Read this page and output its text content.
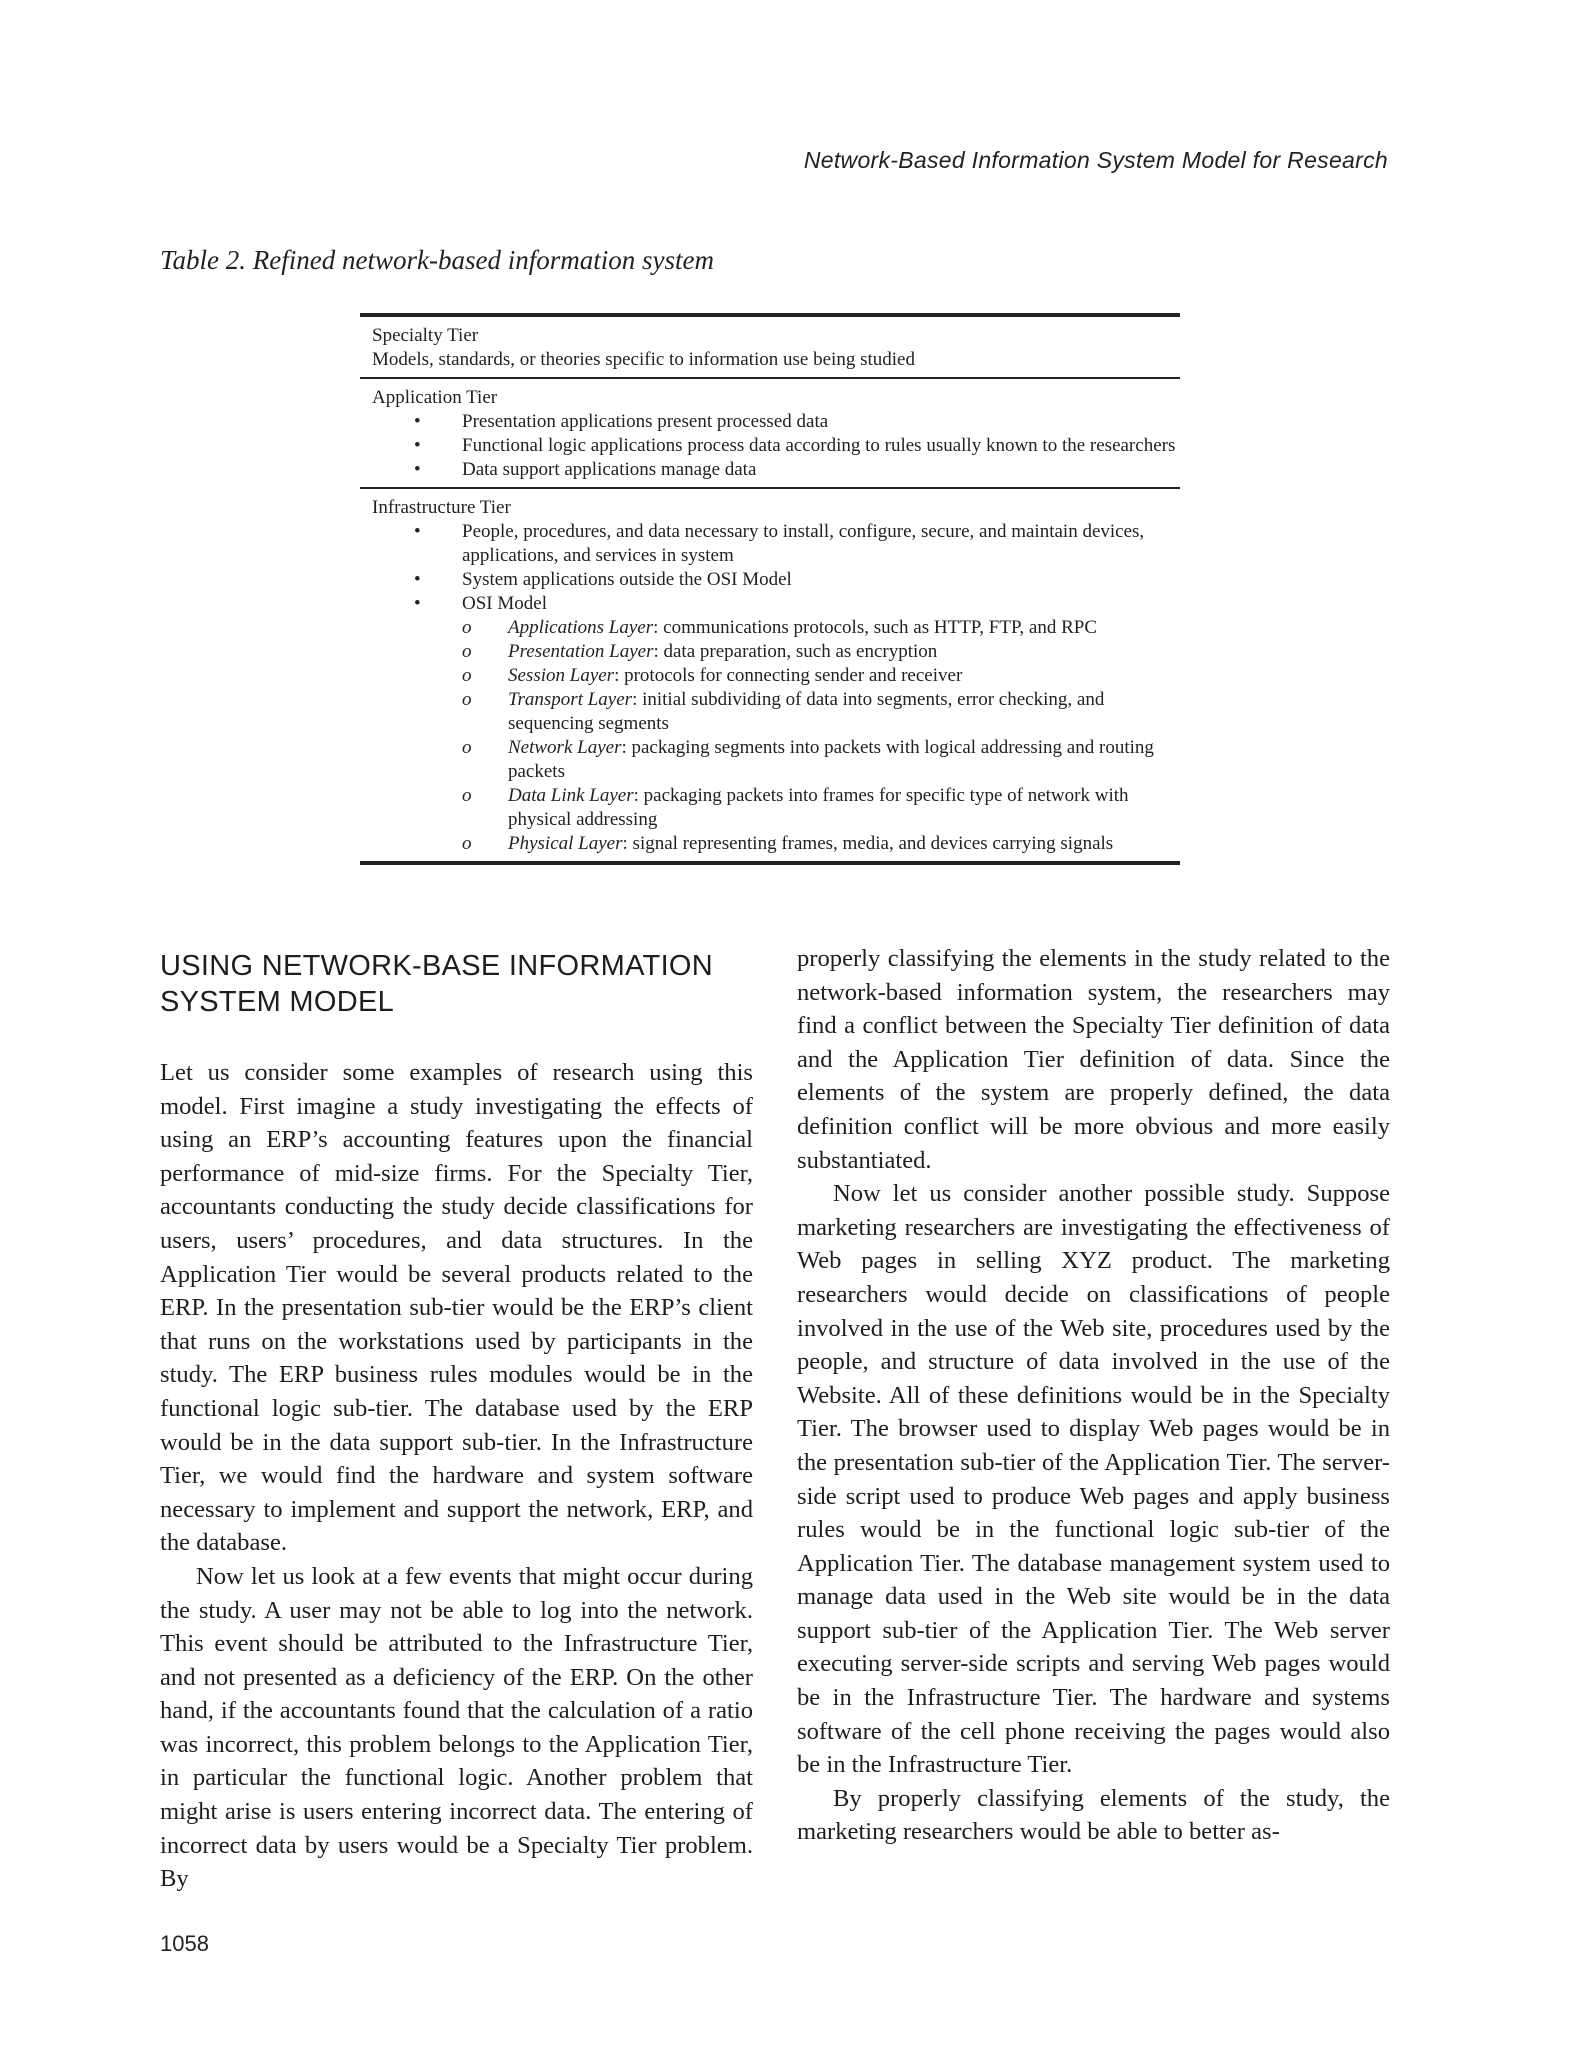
Network-Based Information System Model for Research
Table 2. Refined network-based information system
Specialty Tier
Models, standards, or theories specific to information use being studied
Application Tier
• Presentation applications present processed data
• Functional logic applications process data according to rules usually known to the researchers
• Data support applications manage data
Infrastructure Tier
• People, procedures, and data necessary to install, configure, secure, and maintain devices, applications, and services in system
• System applications outside the OSI Model
• OSI Model
o Applications Layer: communications protocols, such as HTTP, FTP, and RPC
o Presentation Layer: data preparation, such as encryption
o Session Layer: protocols for connecting sender and receiver
o Transport Layer: initial subdividing of data into segments, error checking, and sequencing segments
o Network Layer: packaging segments into packets with logical addressing and routing packets
o Data Link Layer: packaging packets into frames for specific type of network with physical addressing
o Physical Layer: signal representing frames, media, and devices carrying signals
USING NETWORK-BASE INFORMATION SYSTEM MODEL

Let us consider some examples of research using this model. First imagine a study investigating the effects of using an ERP’s accounting features upon the financial performance of mid-size firms. For the Specialty Tier, accountants conducting the study decide classifications for users, users’ procedures, and data structures. In the Application Tier would be several products related to the ERP. In the presentation sub-tier would be the ERP’s client that runs on the workstations used by participants in the study. The ERP business rules modules would be in the functional logic sub-tier. The database used by the ERP would be in the data support sub-tier. In the Infrastructure Tier, we would find the hardware and system software necessary to implement and support the network, ERP, and the database.

Now let us look at a few events that might occur during the study. A user may not be able to log into the network. This event should be attributed to the Infrastructure Tier, and not presented as a deficiency of the ERP. On the other hand, if the accountants found that the calculation of a ratio was incorrect, this problem belongs to the Application Tier, in particular the functional logic. Another problem that might arise is users entering incorrect data. The entering of incorrect data by users would be a Specialty Tier problem. By

properly classifying the elements in the study related to the network-based information system, the researchers may find a conflict between the Specialty Tier definition of data and the Application Tier definition of data. Since the elements of the system are properly defined, the data definition conflict will be more obvious and more easily substantiated.

Now let us consider another possible study. Suppose marketing researchers are investigating the effectiveness of Web pages in selling XYZ product. The marketing researchers would decide on classifications of people involved in the use of the Web site, procedures used by the people, and structure of data involved in the use of the Website. All of these definitions would be in the Specialty Tier. The browser used to display Web pages would be in the presentation sub-tier of the Application Tier. The server-side script used to produce Web pages and apply business rules would be in the functional logic sub-tier of the Application Tier. The database management system used to manage data used in the Web site would be in the data support sub-tier of the Application Tier. The Web server executing server-side scripts and serving Web pages would be in the Infrastructure Tier. The hardware and systems software of the cell phone receiving the pages would also be in the Infrastructure Tier.

By properly classifying elements of the study, the marketing researchers would be able to better as-

1058
